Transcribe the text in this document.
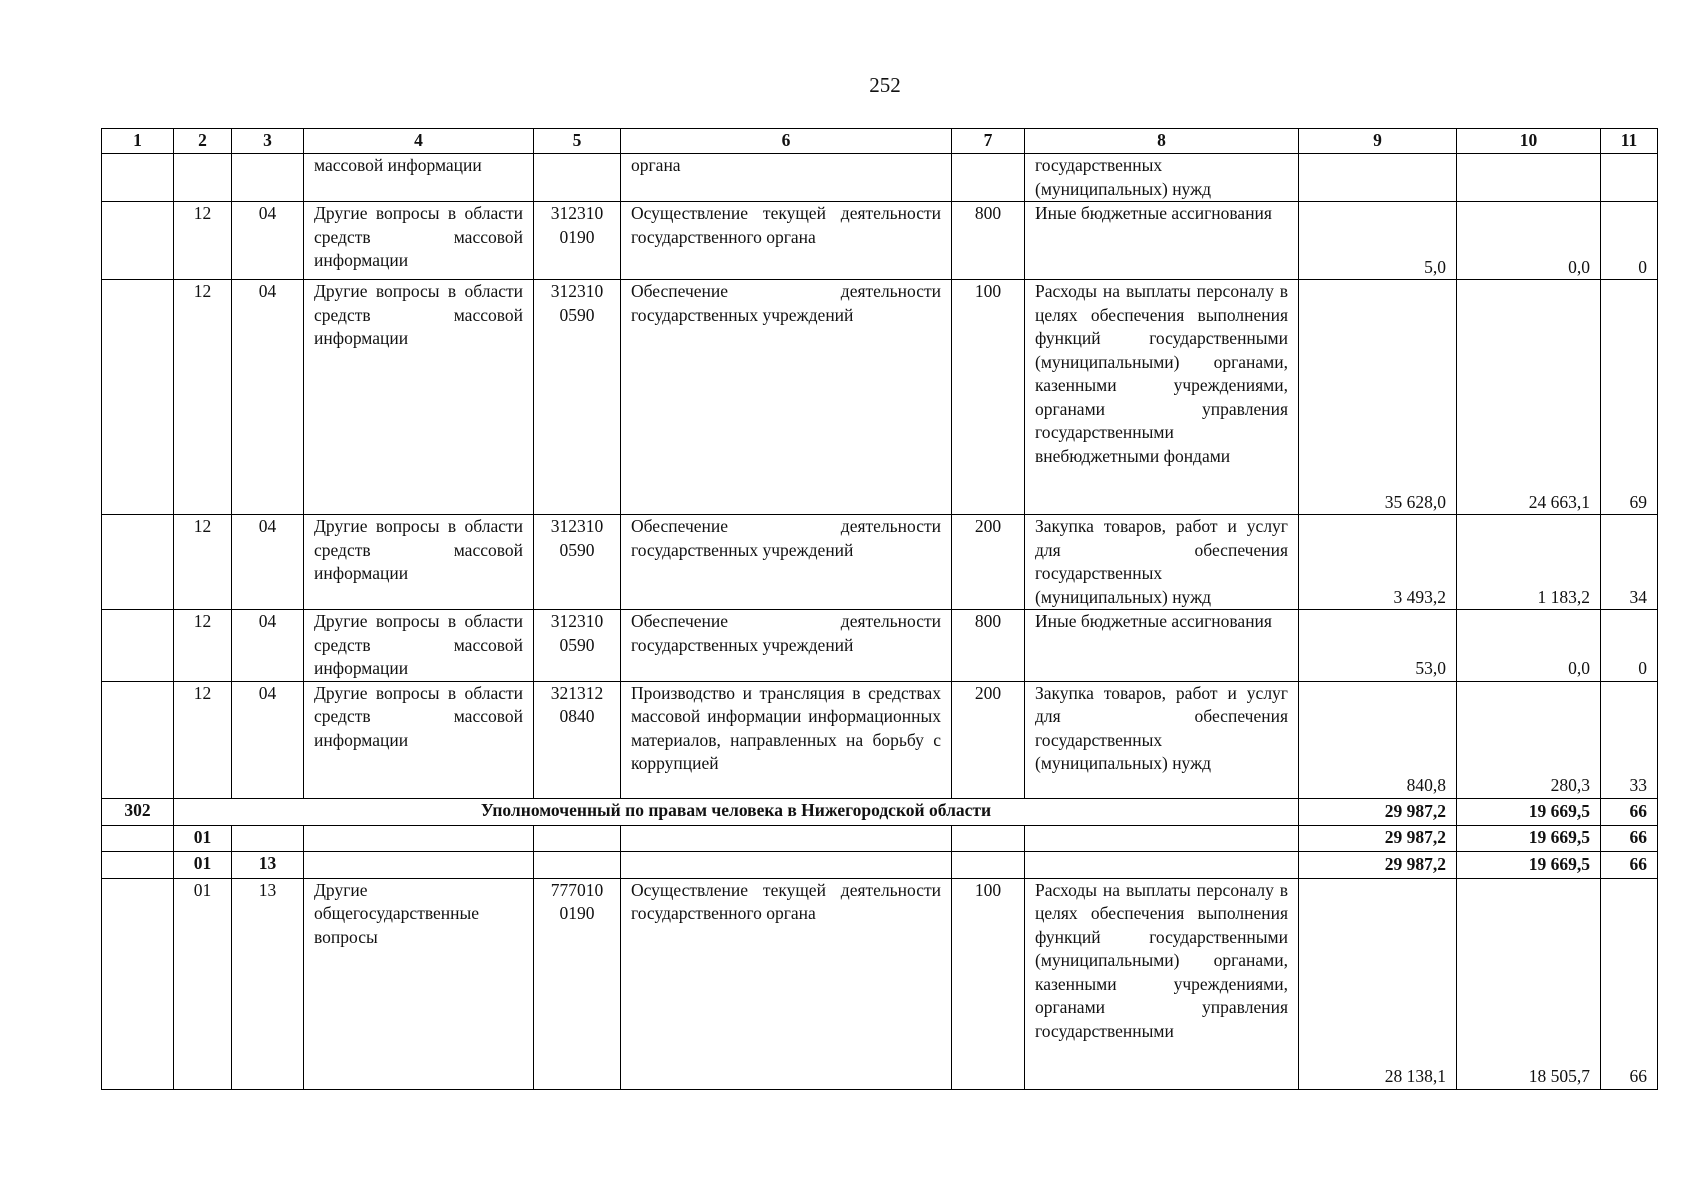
252
1	2	3	4	5	6	7	8	9	10	11
			массовой информации		органа		государственных (муниципальных) нужд			
	12	04	Другие вопросы в области средств массовой информации	312310 0190	Осуществление текущей деятельности государственного органа	800	Иные бюджетные ассигнования	5,0	0,0	0
	12	04	Другие вопросы в области средств массовой информации	312310 0590	Обеспечение деятельности государственных учреждений	100	Расходы на выплаты персоналу в целях обеспечения выполнения функций государственными (муниципальными) органами, казенными учреждениями, органами управления государственными внебюджетными фондами	35 628,0	24 663,1	69
	12	04	Другие вопросы в области средств массовой информации	312310 0590	Обеспечение деятельности государственных учреждений	200	Закупка товаров, работ и услуг для обеспечения государственных (муниципальных) нужд	3 493,2	1 183,2	34
	12	04	Другие вопросы в области средств массовой информации	312310 0590	Обеспечение деятельности государственных учреждений	800	Иные бюджетные ассигнования	53,0	0,0	0
	12	04	Другие вопросы в области средств массовой информации	321312 0840	Производство и трансляция в средствах массовой информации информационных материалов, направленных на борьбу с коррупцией	200	Закупка товаров, работ и услуг для обеспечения государственных (муниципальных) нужд	840,8	280,3	33
302	Уполномоченный по правам человека в Нижегородской области							29 987,2	19 669,5	66
	01							29 987,2	19 669,5	66
	01	13						29 987,2	19 669,5	66
	01	13	Другие общегосударственные вопросы	777010 0190	Осуществление текущей деятельности государственного органа	100	Расходы на выплаты персоналу в целях обеспечения выполнения функций государственными (муниципальными) органами, казенными учреждениями, органами управления государственными	28 138,1	18 505,7	66
